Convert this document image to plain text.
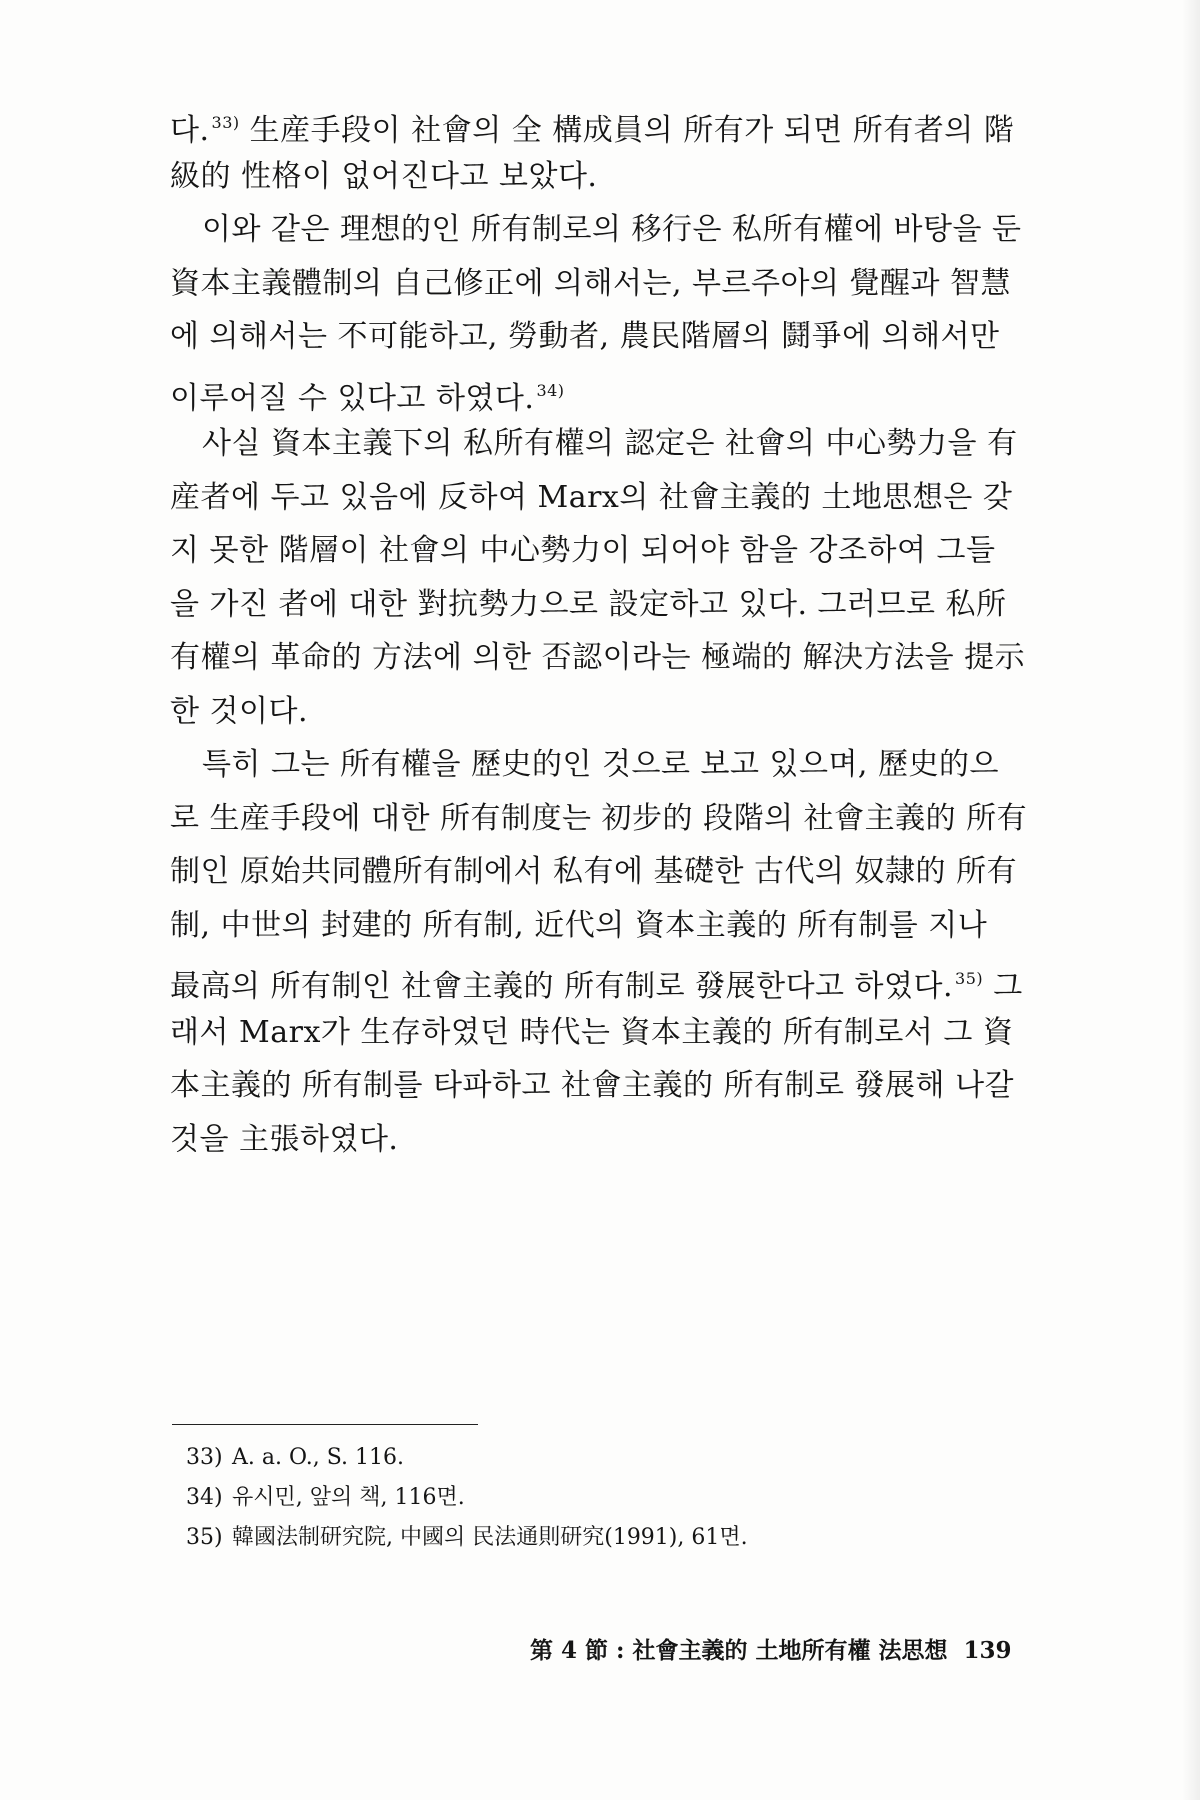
다. $^{33)}$ 生産手段이 社會의 全 構成員의 所有가 되면 所有者의 階
級的 性格이 없어진다고 보았다.
이와 같은 理想的인 所有制로의 移行은 私所有權에 바탕을 둔
資本主義體制의 自己修正에 의해서는, 부르주아의 覺醒과 智慧
에 의해서는 不可能하고, 勞動者, 農民階層의 鬪爭에 의해서만
이루어질 수 있다고 하였다. $^{34)}$
사실 資本主義下의 私所有權의 認定은 社會의 中心勢力을 有
産者에 두고 있음에 反하여 Marx의 社會主義的 土地思想은 갖
지 못한 階層이 社會의 中心勢力이 되어야 함을 강조하여 그들
을 가진 者에 대한 對抗勢力으로 設定하고 있다. 그러므로 私所
有權의 革命的 方法에 의한 否認이라는 極端的 解決方法을 提示
한 것이다.
특히 그는 所有權을 歷史的인 것으로 보고 있으며, 歷史的으
로 生産手段에 대한 所有制度는 初步的 段階의 社會主義的 所有
制인 原始共同體所有制에서 私有에 基礎한 古代의 奴隷的 所有
制, 中世의 封建的 所有制, 近代의 資本主義的 所有制를 지나
最高의 所有制인 社會主義的 所有制로 發展한다고 하였다. $^{35)}$ 그
래서 Marx가 生存하였던 時代는 資本主義的 所有制로서 그 資
本主義的 所有制를 타파하고 社會主義的 所有制로 發展해 나갈
것을 主張하였다.
33) A. a. O., S. 116.
34) 유시민, 앞의 책, 116면.
35) 韓國法制研究院, 中國의 民法通則研究(1991), 61면.
第 4 節 : 社會主義的 土地所有權 法思想 139
